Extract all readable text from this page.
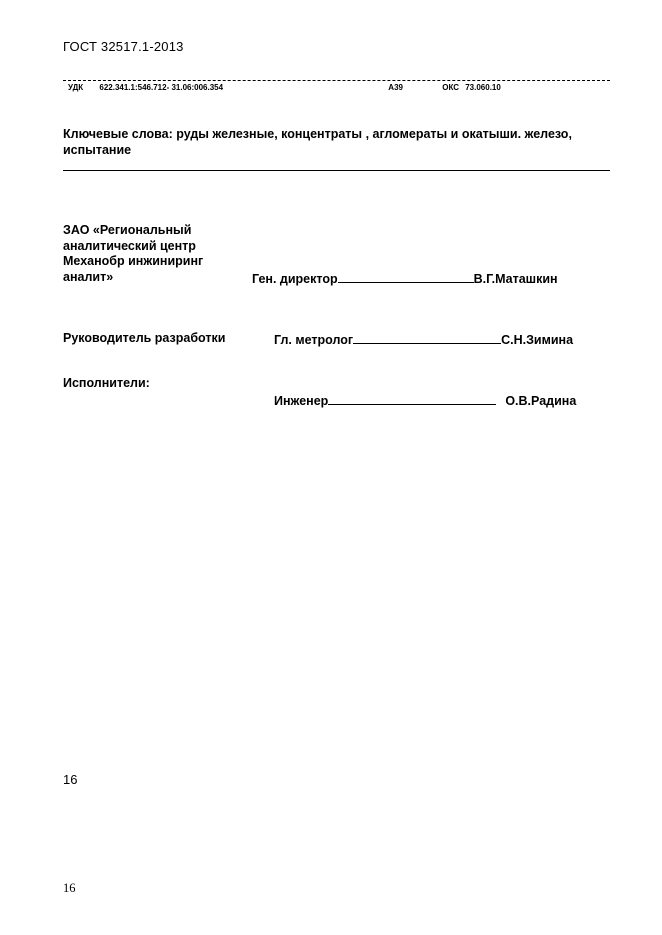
ГОСТ 32517.1-2013
УДК 622.341.1:546.712- 31.06:006.354	А39	ОКС 73.060.10
Ключевые слова: руды железные, концентраты , агломераты и окатыши. железо, испытание
ЗАО «Региональный
аналитический центр
Механобр инжиниринг
аналит»	Ген. директор	В.Г.Маташкин
Руководитель разработки	Гл. метролог	С.Н.Зимина
Исполнители:
Инженер	О.В.Радина
16
16
